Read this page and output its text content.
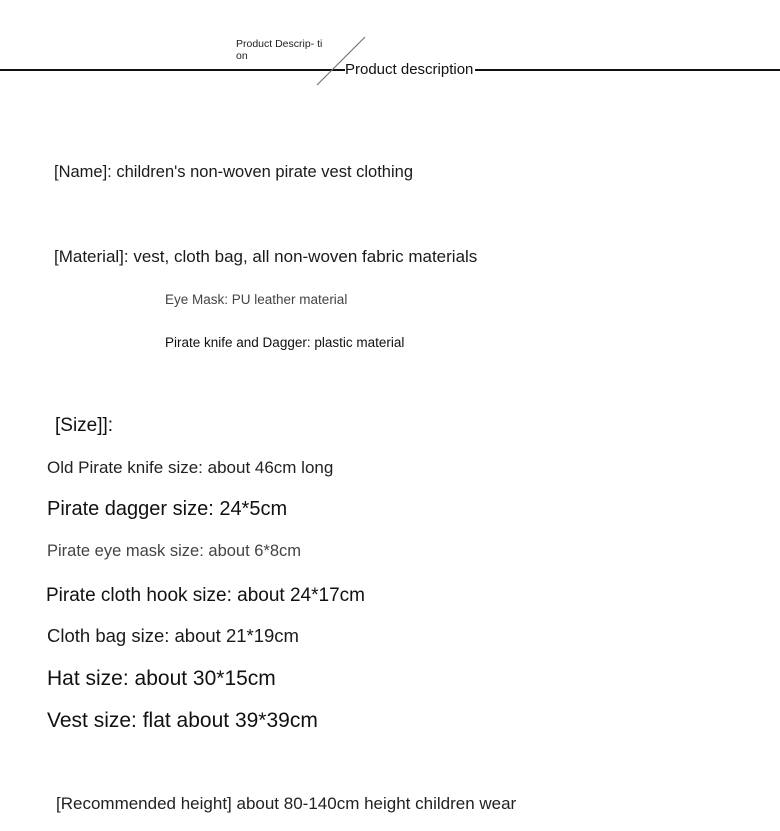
Product Descrip- tion
Product description
[Name]: children's non-woven pirate vest clothing
[Material]: vest, cloth bag, all non-woven fabric materials
Eye Mask: PU leather material
Pirate knife and Dagger: plastic material
[Size]]:
Old Pirate knife size: about 46cm long
Pirate dagger size: 24*5cm
Pirate eye mask size: about 6*8cm
Pirate cloth hook size: about 24*17cm
Cloth bag size: about 21*19cm
Hat size: about 30*15cm
Vest size: flat about 39*39cm
[Recommended height] about 80-140cm height children wear
